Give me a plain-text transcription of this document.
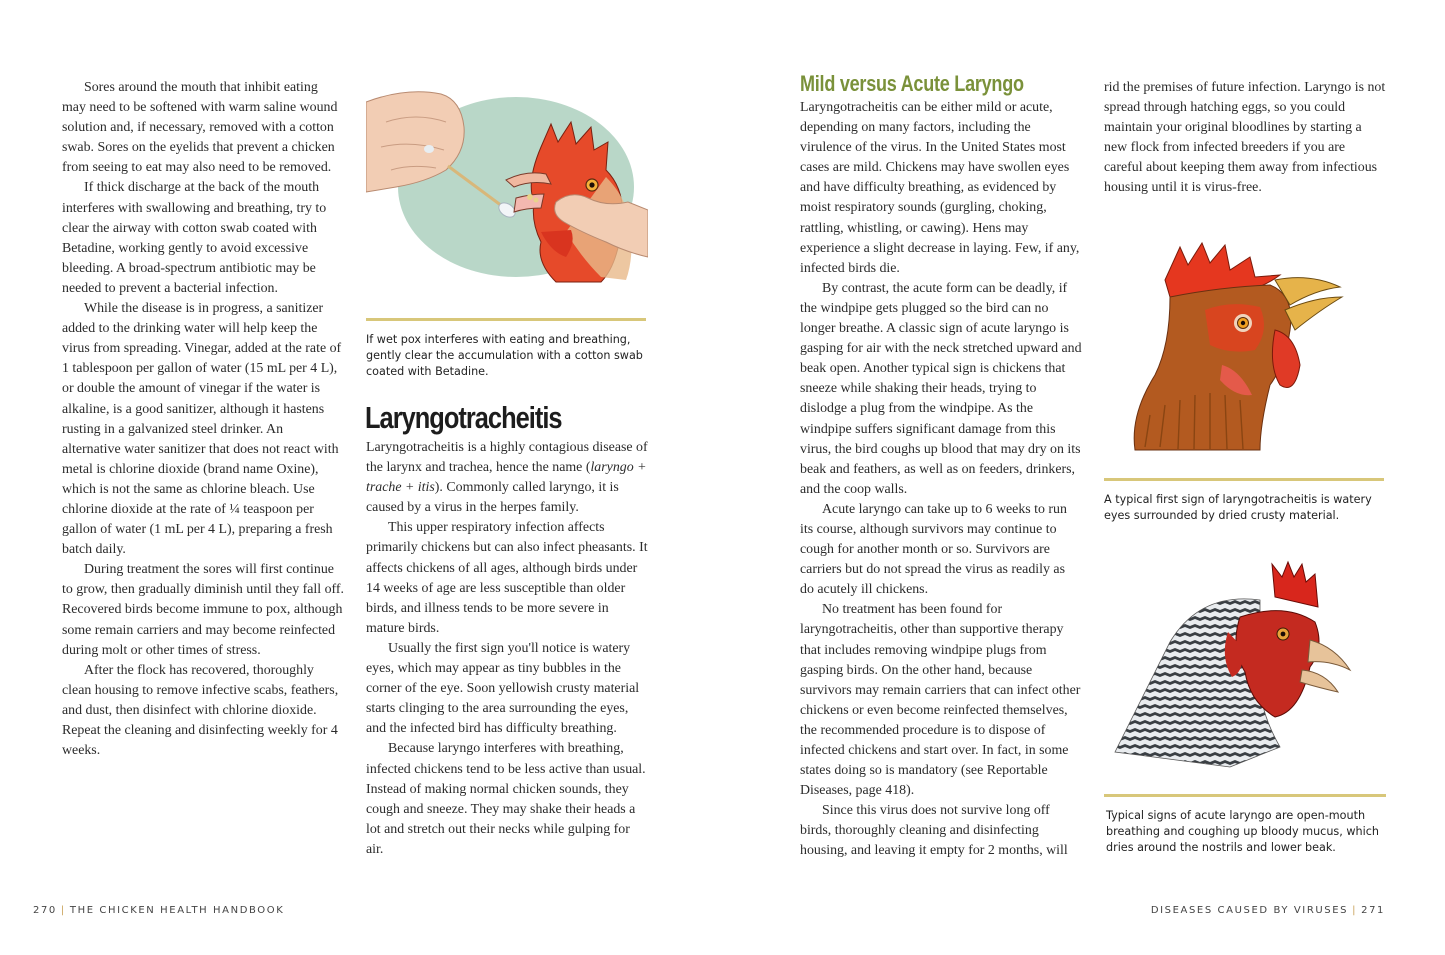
Sores around the mouth that inhibit eating may need to be softened with warm saline wound solution and, if necessary, removed with a cotton swab. Sores on the eyelids that prevent a chicken from seeing to eat may also need to be removed.

If thick discharge at the back of the mouth interferes with swallowing and breathing, try to clear the airway with cotton swab coated with Betadine, working gently to avoid excessive bleeding. A broad-spectrum antibiotic may be needed to prevent a bacterial infection.

While the disease is in progress, a sanitizer added to the drinking water will help keep the virus from spreading. Vinegar, added at the rate of 1 tablespoon per gallon of water (15 mL per 4 L), or double the amount of vinegar if the water is alkaline, is a good sanitizer, although it hastens rusting in a galvanized steel drinker. An alternative water sanitizer that does not react with metal is chlorine dioxide (brand name Oxine), which is not the same as chlorine bleach. Use chlorine dioxide at the rate of ¼ teaspoon per gallon of water (1 mL per 4 L), preparing a fresh batch daily.

During treatment the sores will first continue to grow, then gradually diminish until they fall off. Recovered birds become immune to pox, although some remain carriers and may become reinfected during molt or other times of stress.

After the flock has recovered, thoroughly clean housing to remove infective scabs, feathers, and dust, then disinfect with chlorine dioxide. Repeat the cleaning and disinfecting weekly for 4 weeks.

If wet pox interferes with eating and breathing, gently clear the accumulation with a cotton swab coated with Betadine.
Laryngotracheitis

Laryngotracheitis is a highly contagious disease of the larynx and trachea, hence the name (laryngo + trache + itis). Commonly called laryngo, it is caused by a virus in the herpes family.

This upper respiratory infection affects primarily chickens but can also infect pheasants. It affects chickens of all ages, although birds under 14 weeks of age are less susceptible than older birds, and illness tends to be more severe in mature birds.

Usually the first sign you'll notice is watery eyes, which may appear as tiny bubbles in the corner of the eye. Soon yellowish crusty material starts clinging to the area surrounding the eyes, and the infected bird has difficulty breathing.

Because laryngo interferes with breathing, infected chickens tend to be less active than usual. Instead of making normal chicken sounds, they cough and sneeze. They may shake their heads a lot and stretch out their necks while gulping for air.

270 | THE CHICKEN HEALTH HANDBOOK
Mild versus Acute Laryngo

Laryngotracheitis can be either mild or acute, depending on many factors, including the virulence of the virus. In the United States most cases are mild. Chickens may have swollen eyes and have difficulty breathing, as evidenced by moist respiratory sounds (gurgling, choking, rattling, whistling, or cawing). Hens may experience a slight decrease in laying. Few, if any, infected birds die.

By contrast, the acute form can be deadly, if the windpipe gets plugged so the bird can no longer breathe. A classic sign of acute laryngo is gasping for air with the neck stretched upward and beak open. Another typical sign is chickens that sneeze while shaking their heads, trying to dislodge a plug from the windpipe. As the windpipe suffers significant damage from this virus, the bird coughs up blood that may dry on its beak and feathers, as well as on feeders, drinkers, and the coop walls.

Acute laryngo can take up to 6 weeks to run its course, although survivors may continue to cough for another month or so. Survivors are carriers but do not spread the virus as readily as do acutely ill chickens.

No treatment has been found for laryngotracheitis, other than supportive therapy that includes removing windpipe plugs from gasping birds. On the other hand, because survivors may remain carriers that can infect other chickens or even become reinfected themselves, the recommended procedure is to dispose of infected chickens and start over. In fact, in some states doing so is mandatory (see Reportable Diseases, page 418).

Since this virus does not survive long off birds, thoroughly cleaning and disinfecting housing, and leaving it empty for 2 months, will

rid the premises of future infection. Laryngo is not spread through hatching eggs, so you could maintain your original bloodlines by starting a new flock from infected breeders if you are careful about keeping them away from infectious housing until it is virus-free.

A typical first sign of laryngotracheitis is watery eyes surrounded by dried crusty material.
Typical signs of acute laryngo are open-mouth breathing and coughing up bloody mucus, which dries around the nostrils and lower beak.
DISEASES CAUSED BY VIRUSES | 271
